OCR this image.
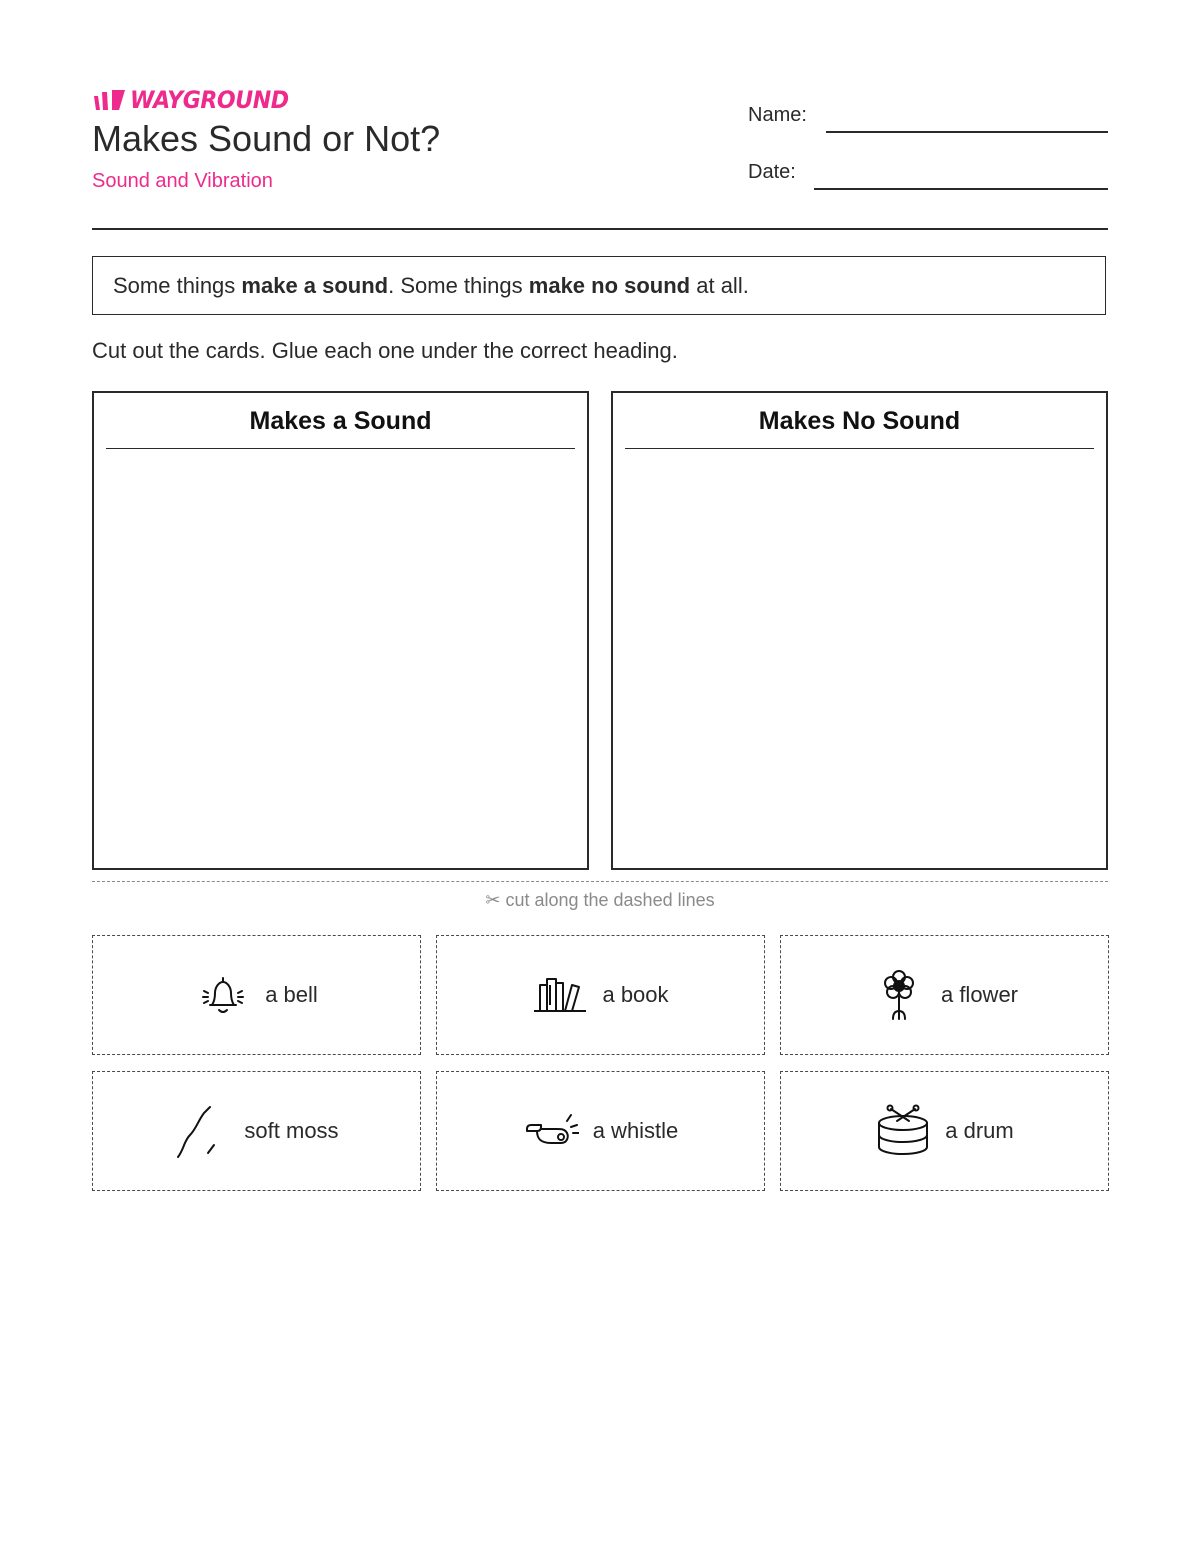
WAYGROUND
Makes Sound or Not?
Sound and Vibration
Name:
Date:
Some things make a sound . Some things make no sound at all.
Cut out the cards. Glue each one under the correct heading.
Makes a Sound	Makes No Sound
✂ cut along the dashed lines
a bell	a book	a flower
soft moss	a whistle	a drum
